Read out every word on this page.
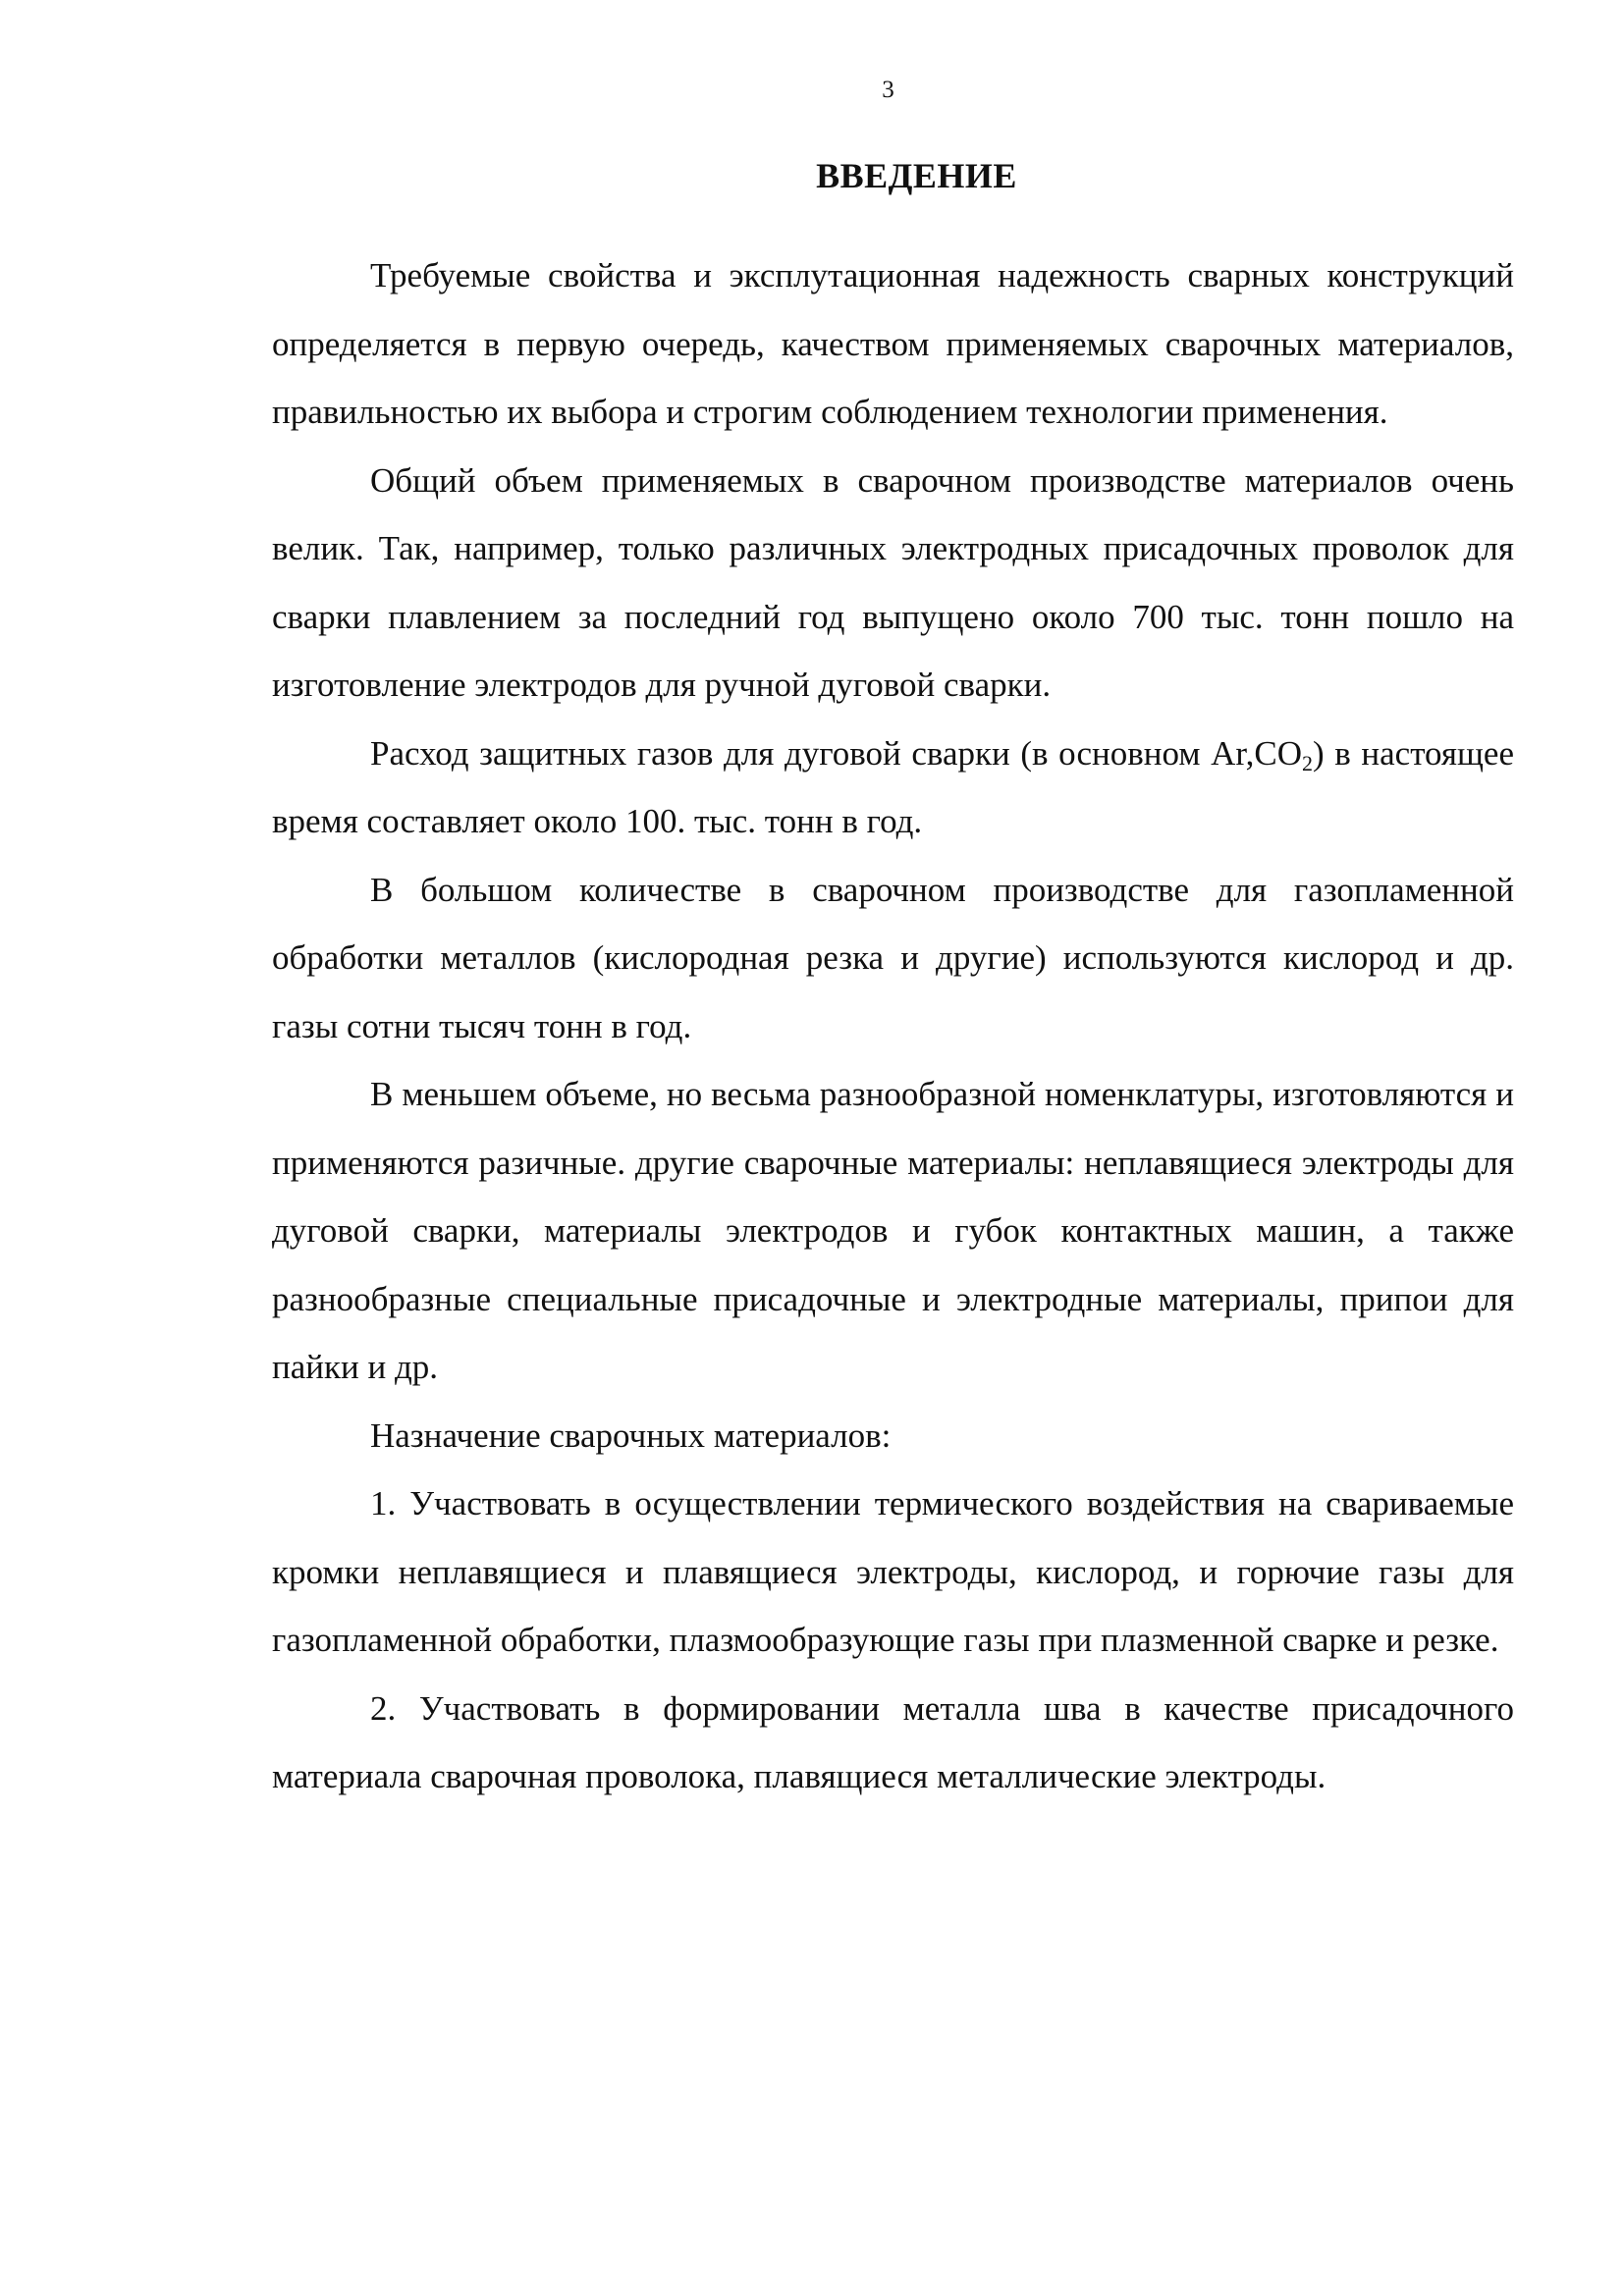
3
ВВЕДЕНИЕ

Требуемые свойства и эксплутационная надежность сварных конструкций определяется в первую очередь, качеством применяемых сварочных материалов, правильностью их выбора и строгим соблюдением технологии применения.

Общий объем применяемых в сварочном производстве материалов очень велик. Так, например, только различных электродных присадочных проволок для сварки плавлением за последний год выпущено около 700 тыс. тонн пошло на изготовление электродов для ручной дуговой сварки.

Расход защитных газов для дуговой сварки (в основном $Ar,CO_2$) в настоящее время составляет около 100. тыс. тонн в год.

В большом количестве в сварочном производстве для газопламенной обработки металлов (кислородная резка и другие) используются кислород и др. газы сотни тысяч тонн в год.

В меньшем объеме, но весьма разнообразной номенклатуры, изготовляются и применяются разичные. другие сварочные материалы: неплавящиеся электроды для дуговой сварки, материалы электродов и губок контактных машин, а также разнообразные специальные присадочные и электродные материалы, припои для пайки и др.

Назначение сварочных материалов:

1. Участвовать в осуществлении термического воздействия на свариваемые кромки неплавящиеся и плавящиеся электроды, кислород, и горючие газы для газопламенной обработки, плазмообразующие газы при плазменной сварке и резке.

2. Участвовать в формировании металла шва в качестве присадочного материала сварочная проволока, плавящиеся металлические электроды.
